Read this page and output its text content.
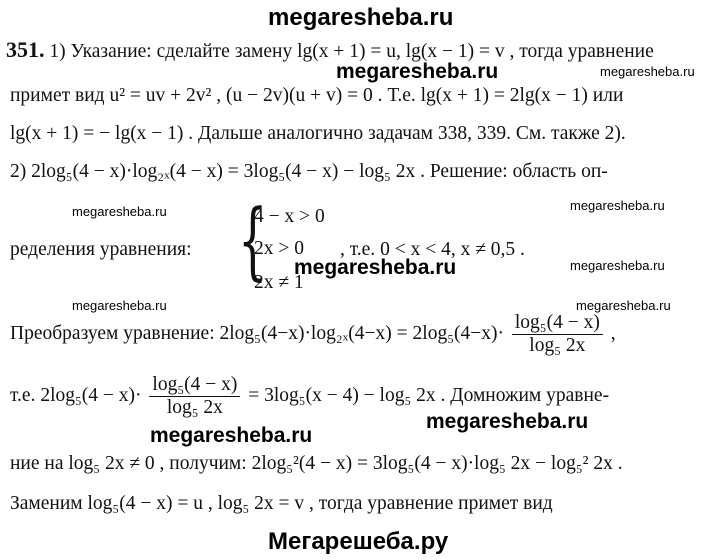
megaresheba.ru
351. 1) Указание: сделайте замену lg(x + 1) = u, lg(x − 1) = v , тогда уравнение
megaresheba.ru	megaresheba.ru
примет вид u² = uv + 2v² , (u − 2v)(u + v) = 0 . Т.е. lg(x + 1) = 2lg(x − 1) или
lg(x + 1) = − lg(x − 1) . Дальше аналогично задачам 338, 339. См. также 2).
2) 2log₅(4 − x)·log₂ₓ(4 − x) = 3log₅(4 − x) − log₅ 2x . Решение: область оп-
megaresheba.ru	megaresheba.ru
ределения уравнения: {
4 − x > 0
2x > 0
2x ≠ 1
, т.е. 0 < x < 4, x ≠ 0,5 .
megaresheba.ru	megaresheba.ru
megaresheba.ru	megaresheba.ru
Преобразуем уравнение: $2\log_5(4-x)\cdot\log_{2x}(4-x) = 2\log_5(4-x)\cdot \frac{\text{log₅(4 − x)}}{\text{log₅ 2x}}$ ,
т.е. $2\log_5(4 - x)\cdot \frac{\text{log₅(4 − x)}}{\text{log₅ 2x}} = 3\log_5(x - 4) - \log_5$ 2x . Домножим уравне-
megaresheba.ru
megaresheba.ru
ние на log₅ 2x ≠ 0 , получим: 2log₅²(4 − x) = 3log₅(4 − x)·log₅ 2x − log₅² 2x .
Заменим log₅(4 − x) = u , log₅ 2x = v , тогда уравнение примет вид
Мегарешеба.ру
